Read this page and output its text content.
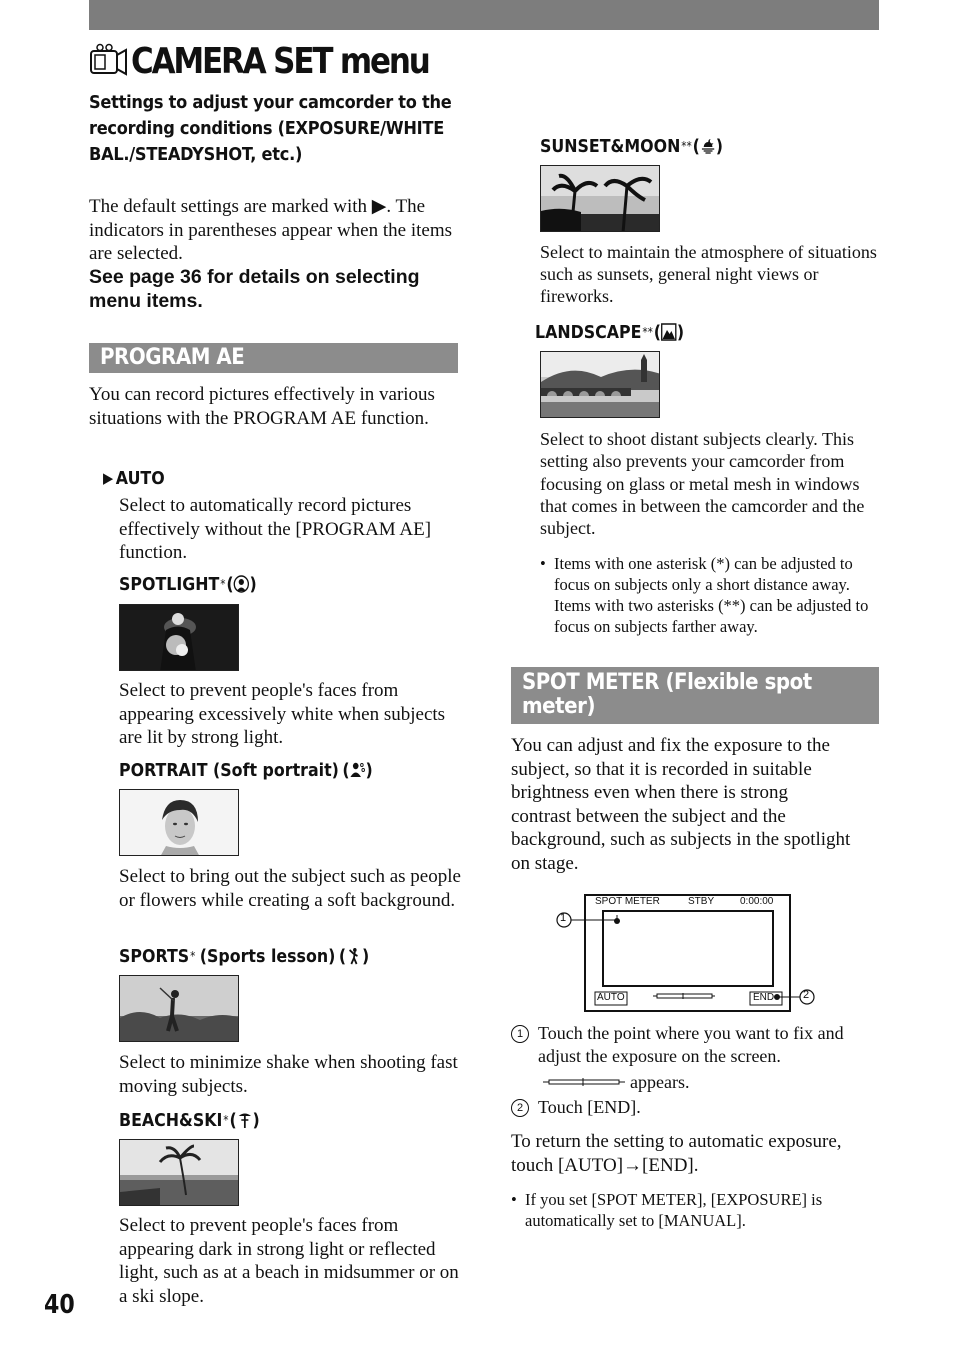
CAMERA SET menu
Settings to adjust your camcorder to the recording conditions (EXPOSURE/WHITE BAL./STEADYSHOT, etc.)
The default settings are marked with ▶. The indicators in parentheses appear when the items are selected.
See page 36 for details on selecting menu items.
PROGRAM AE
You can record pictures effectively in various situations with the PROGRAM AE function.
▶ AUTO
Select to automatically record pictures effectively without the [PROGRAM AE] function.
SPOTLIGHT * ( )
Select to prevent people's faces from appearing excessively white when subjects are lit by strong light.
PORTRAIT (Soft portrait) ( )
Select to bring out the subject such as people or flowers while creating a soft background.
SPORTS * (Sports lesson) ( )
Select to minimize shake when shooting fast moving subjects.
BEACH&SKI * ( )
Select to prevent people's faces from appearing dark in strong light or reflected light, such as at a beach in midsummer or on a ski slope.
40
SUNSET&MOON ** ( )
Select to maintain the atmosphere of situations such as sunsets, general night views or fireworks.
LANDSCAPE ** ( )
Select to shoot distant subjects clearly. This setting also prevents your camcorder from focusing on glass or metal mesh in windows that comes in between the camcorder and the subject.
• Items with one asterisk (*) can be adjusted to focus on subjects only a short distance away. Items with two asterisks (**) can be adjusted to focus on subjects farther away.
SPOT METER (Flexible spot meter)
You can adjust and fix the exposure to the subject, so that it is recorded in suitable brightness even when there is strong contrast between the subject and the background, such as subjects in the spotlight on stage.
SPOT METER	STBY	0:00:00
AUTO	END
1
2
1 Touch the point where you want to fix and adjust the exposure on the screen.
appears.
2 Touch [END].
To return the setting to automatic exposure, touch [AUTO]→[END].
• If you set [SPOT METER], [EXPOSURE] is automatically set to [MANUAL].
